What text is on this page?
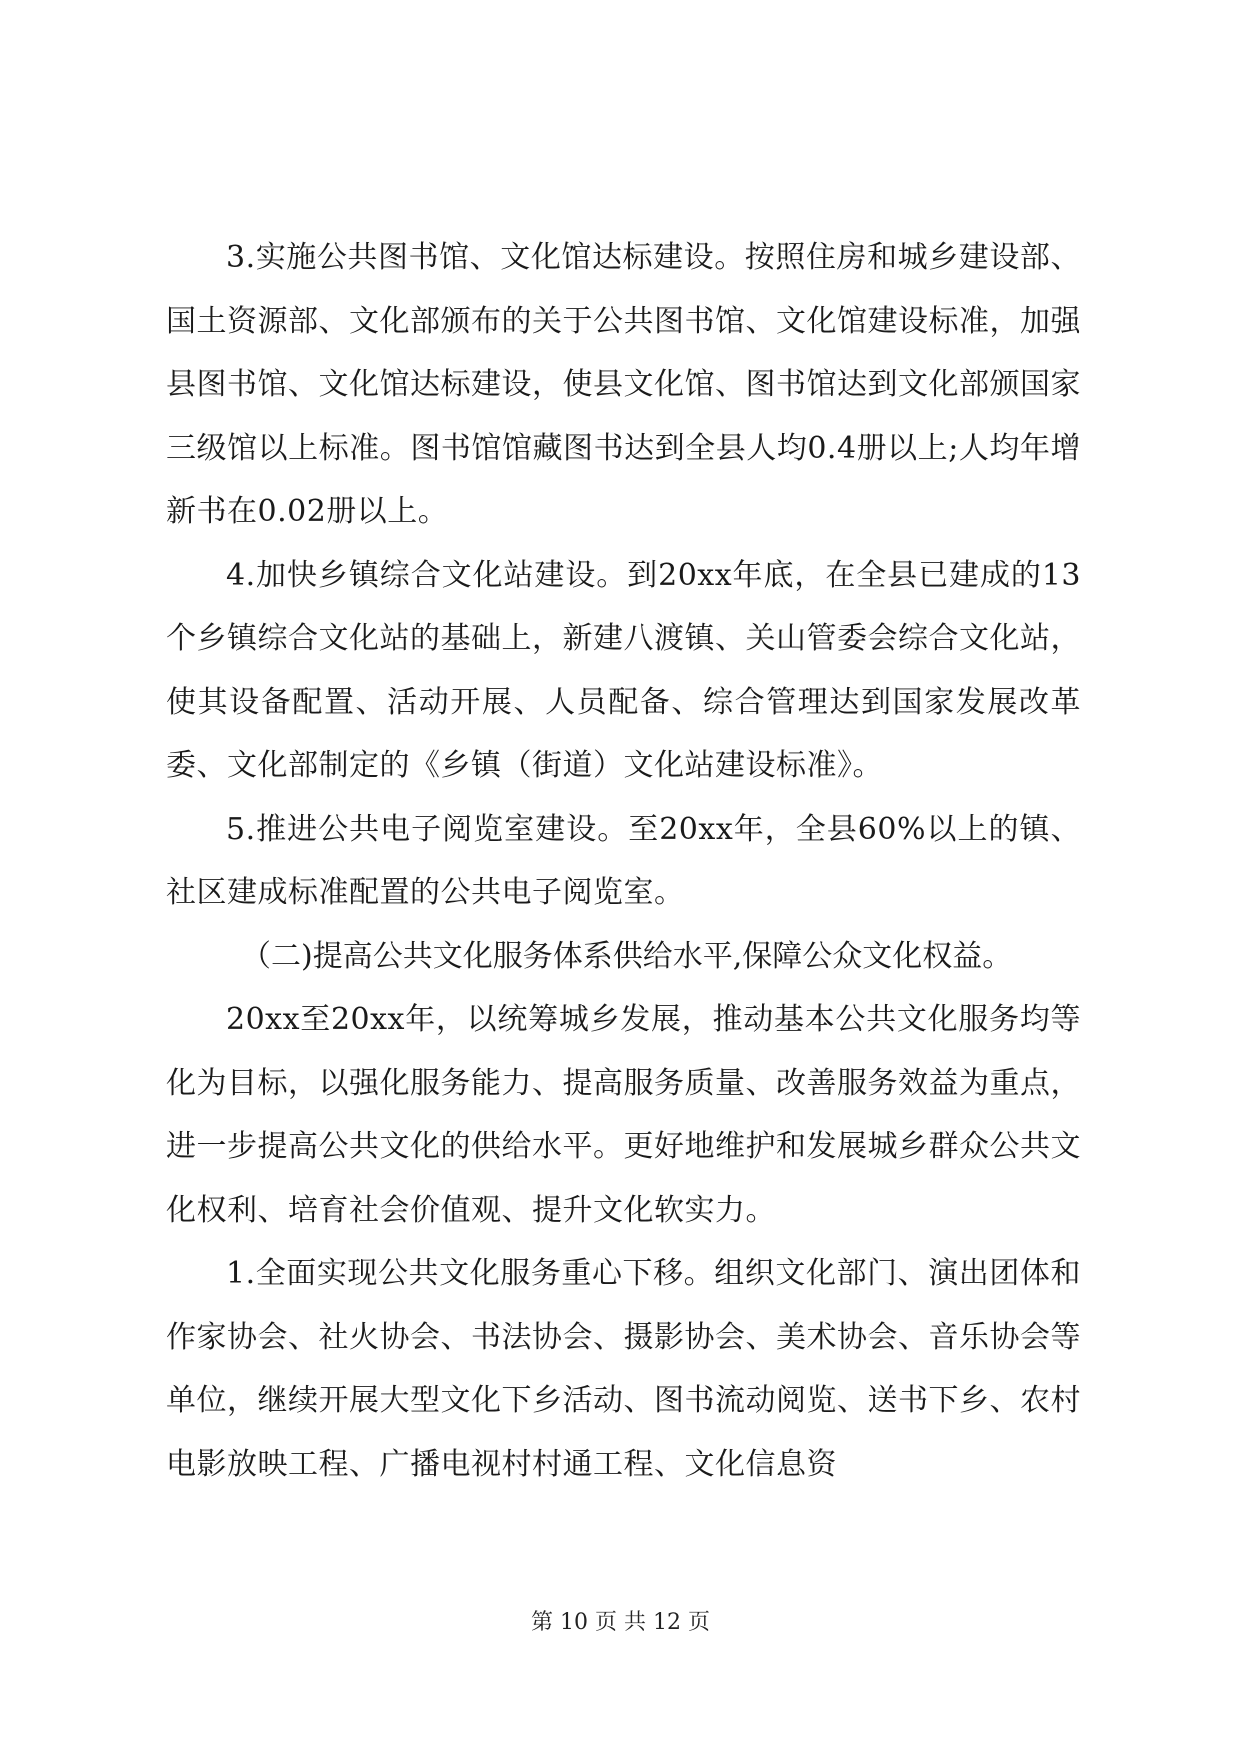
3.实施公共图书馆、文化馆达标建设。按照住房和城乡建设部、国土资源部、文化部颁布的关于公共图书馆、文化馆建设标准，加强县图书馆、文化馆达标建设，使县文化馆、图书馆达到文化部颁国家三级馆以上标准。图书馆馆藏图书达到全县人均0.4册以上;人均年增新书在0.02册以上。

4.加快乡镇综合文化站建设。到20xx年底，在全县已建成的13个乡镇综合文化站的基础上，新建八渡镇、关山管委会综合文化站，使其设备配置、活动开展、人员配备、综合管理达到国家发展改革委、文化部制定的《乡镇（街道）文化站建设标准》。

5.推进公共电子阅览室建设。至20xx年，全县60%以上的镇、社区建成标准配置的公共电子阅览室。

（二)提高公共文化服务体系供给水平,保障公众文化权益。

20xx至20xx年，以统筹城乡发展，推动基本公共文化服务均等化为目标，以强化服务能力、提高服务质量、改善服务效益为重点，进一步提高公共文化的供给水平。更好地维护和发展城乡群众公共文化权利、培育社会价值观、提升文化软实力。

1.全面实现公共文化服务重心下移。组织文化部门、演出团体和作家协会、社火协会、书法协会、摄影协会、美术协会、音乐协会等单位，继续开展大型文化下乡活动、图书流动阅览、送书下乡、农村电影放映工程、广播电视村村通工程、文化信息资

第 10 页 共 12 页
